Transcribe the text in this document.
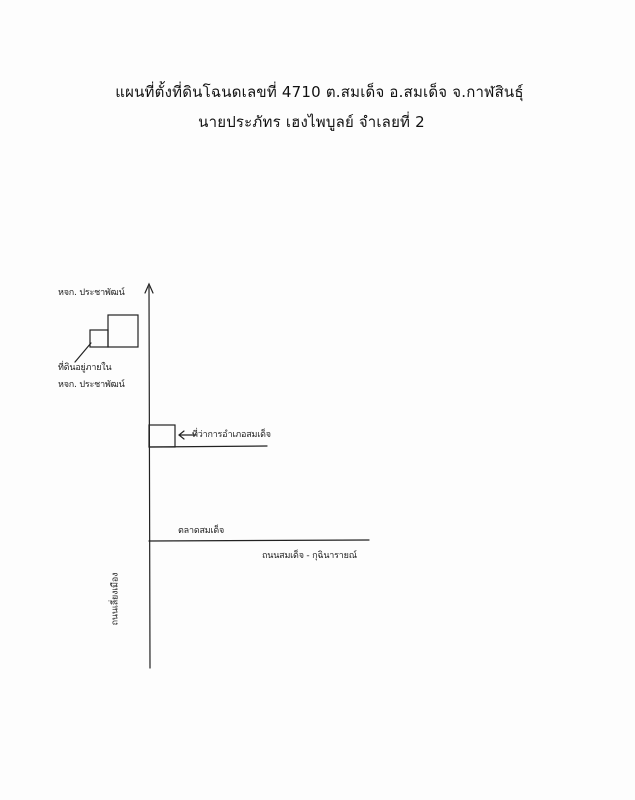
แผนที่ตั้งที่ดินโฉนดเลขที่ 4710 ต.สมเด็จ อ.สมเด็จ จ.กาฬสินธุ์
นายประภัทร เฮงไพบูลย์ จำเลยที่ 2
หจก. ประชาพัฒน์
ที่ดินอยู่ภายใน
หจก. ประชาพัฒน์
ที่ว่าการอำเภอสมเด็จ
ตลาดสมเด็จ
ถนนสมเด็จ - กุฉินารายณ์
ถนนเลี่ยงเมือง
